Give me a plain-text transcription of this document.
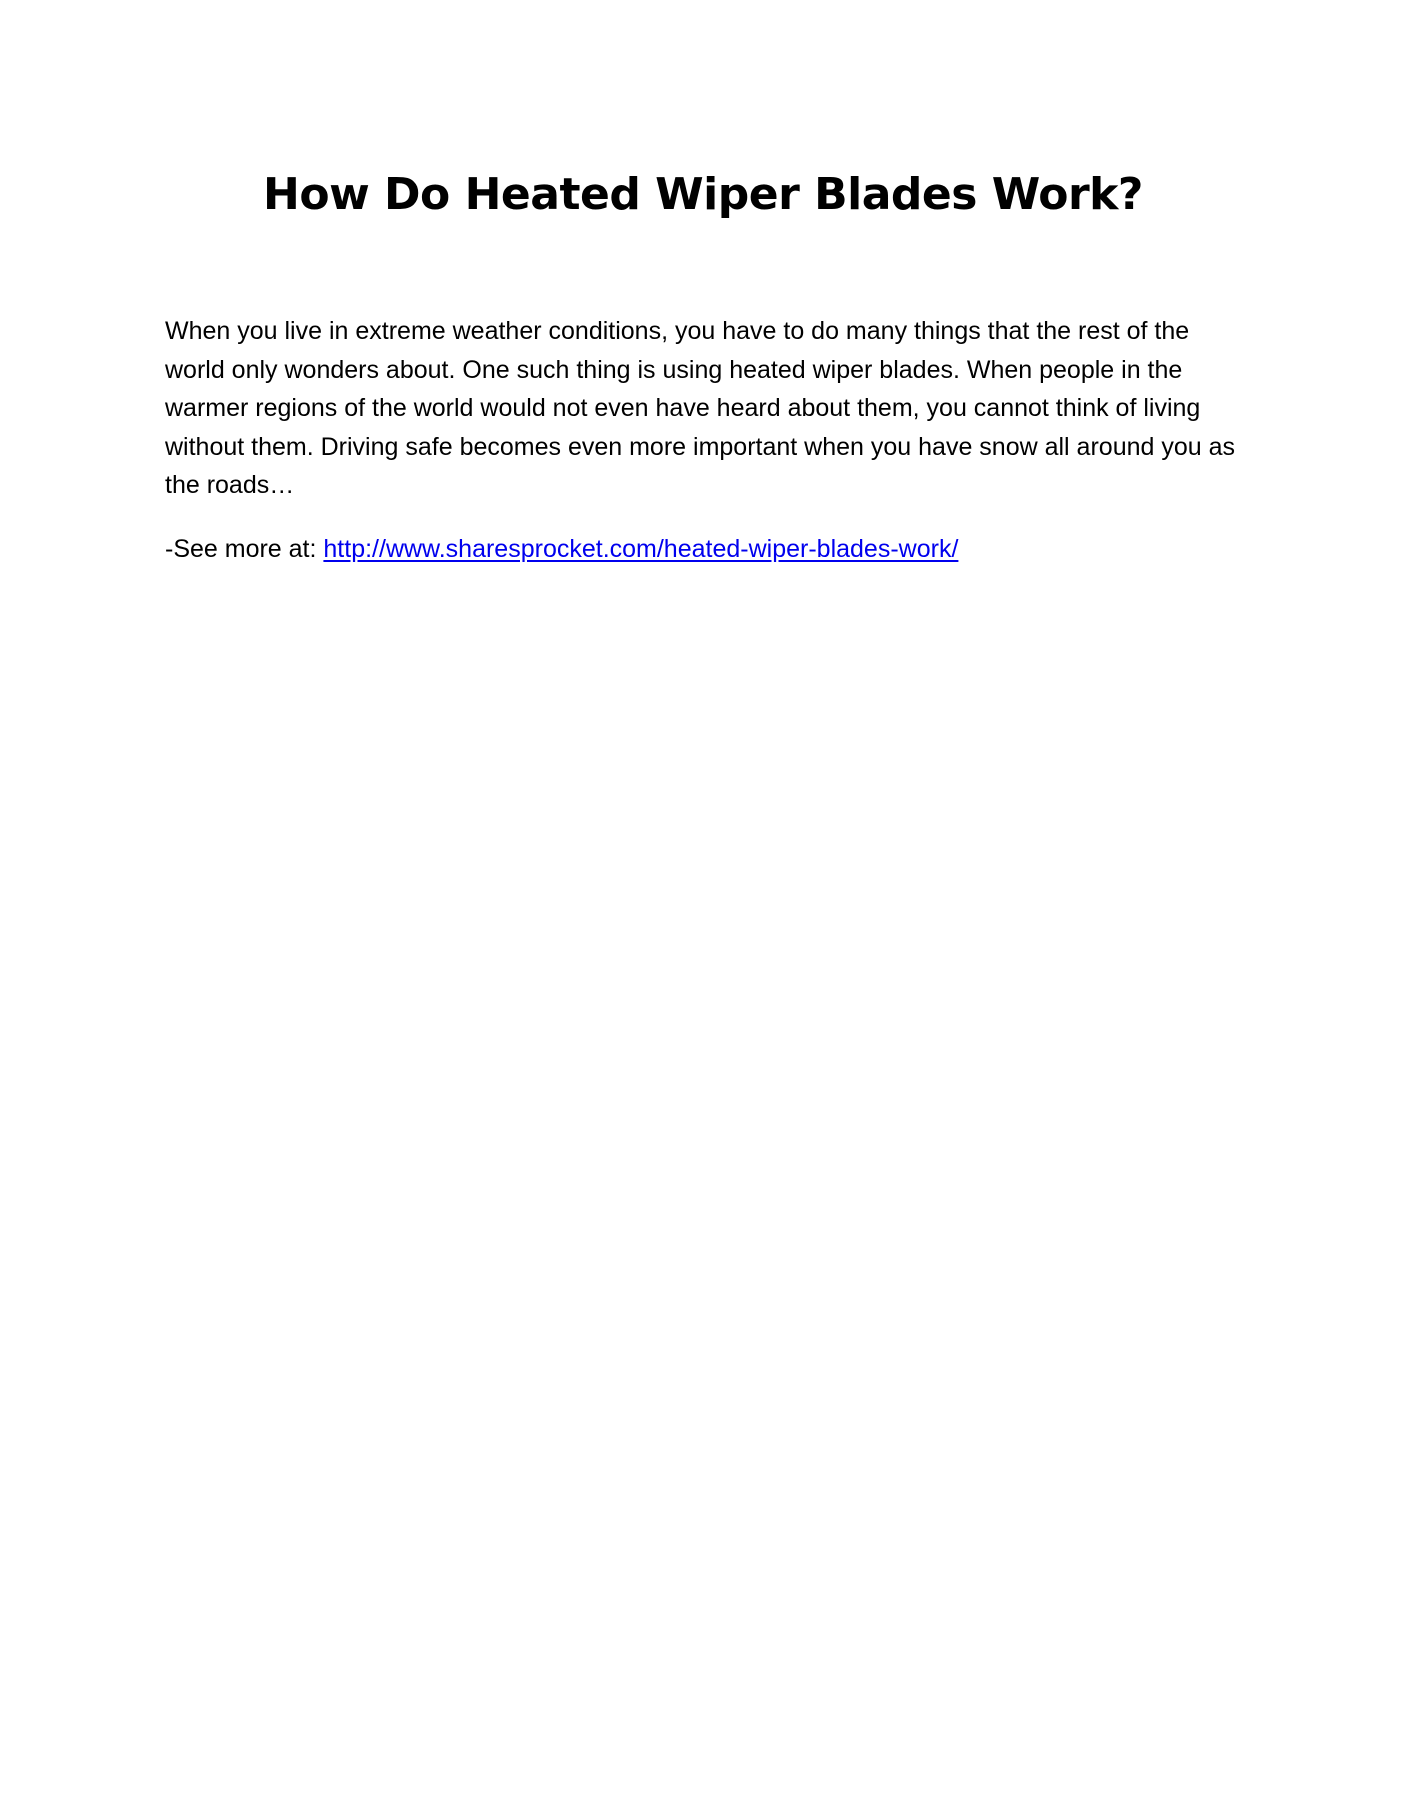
How Do Heated Wiper Blades Work?

When you live in extreme weather conditions, you have to do many things that the rest of the world only wonders about. One such thing is using heated wiper blades. When people in the warmer regions of the world would not even have heard about them, you cannot think of living without them. Driving safe becomes even more important when you have snow all around you as the roads…

-See more at: http://www.sharesprocket.com/heated-wiper-blades-work/
